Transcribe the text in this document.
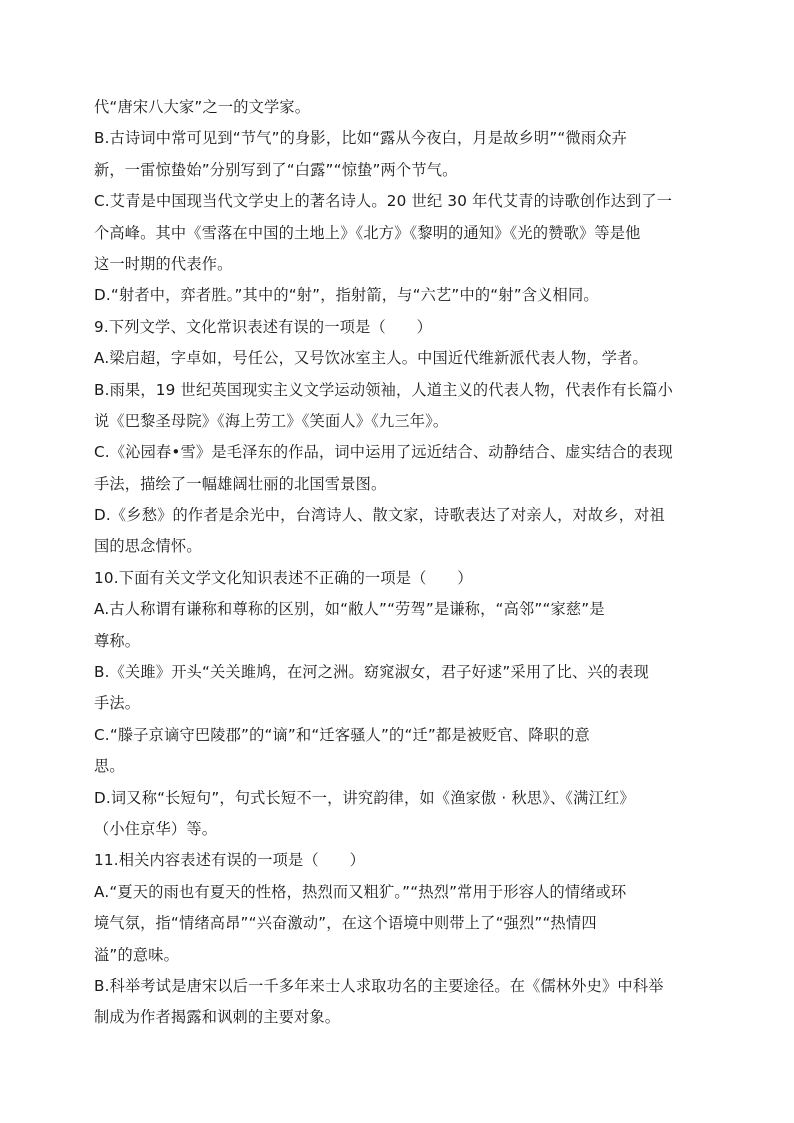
代“唐宋八大家”之一的文学家。
B.古诗词中常可见到“节气”的身影，比如“露从今夜白，月是故乡明”“微雨众卉
新，一雷惊蛰始”分别写到了“白露”“惊蛰”两个节气。
C.艾青是中国现当代文学史上的著名诗人。20 世纪 30 年代艾青的诗歌创作达到了一
个高峰。其中《雪落在中国的土地上》《北方》《黎明的通知》《光的赞歌》等是他
这一时期的代表作。
D.“射者中，弈者胜。”其中的“射”，指射箭，与“六艺”中的“射”含义相同。
9.下列文学、文化常识表述有误的一项是（　　）
A.梁启超，字卓如，号任公，又号饮冰室主人。中国近代维新派代表人物，学者。
B.雨果，19 世纪英国现实主义文学运动领袖，人道主义的代表人物，代表作有长篇小
说《巴黎圣母院》《海上劳工》《笑面人》《九三年》。
C.《沁园春•雪》是毛泽东的作品，词中运用了远近结合、动静结合、虚实结合的表现
手法，描绘了一幅雄阔壮丽的北国雪景图。
D.《乡愁》的作者是余光中，台湾诗人、散文家，诗歌表达了对亲人，对故乡，对祖
国的思念情怀。
10.下面有关文学文化知识表述不正确的一项是（　　）
A.古人称谓有谦称和尊称的区别，如“敝人”“劳驾”是谦称，“高邻”“家慈”是
尊称。
B.《关雎》开头“关关雎鸠，在河之洲。窈窕淑女，君子好逑”采用了比、兴的表现
手法。
C.“滕子京谪守巴陵郡”的“谪”和“迁客骚人”的“迁”都是被贬官、降职的意
思。
D.词又称“长短句”，句式长短不一，讲究韵律，如《渔家傲 · 秋思》、《满江红》
（小住京华）等。
11.相关内容表述有误的一项是（　　）
A.“夏天的雨也有夏天的性格，热烈而又粗犷。”“热烈”常用于形容人的情绪或环
境气氛，指“情绪高昂”“兴奋激动”，在这个语境中则带上了“强烈”“热情四
溢”的意味。
B.科举考试是唐宋以后一千多年来士人求取功名的主要途径。在《儒林外史》中科举
制成为作者揭露和讽刺的主要对象。
